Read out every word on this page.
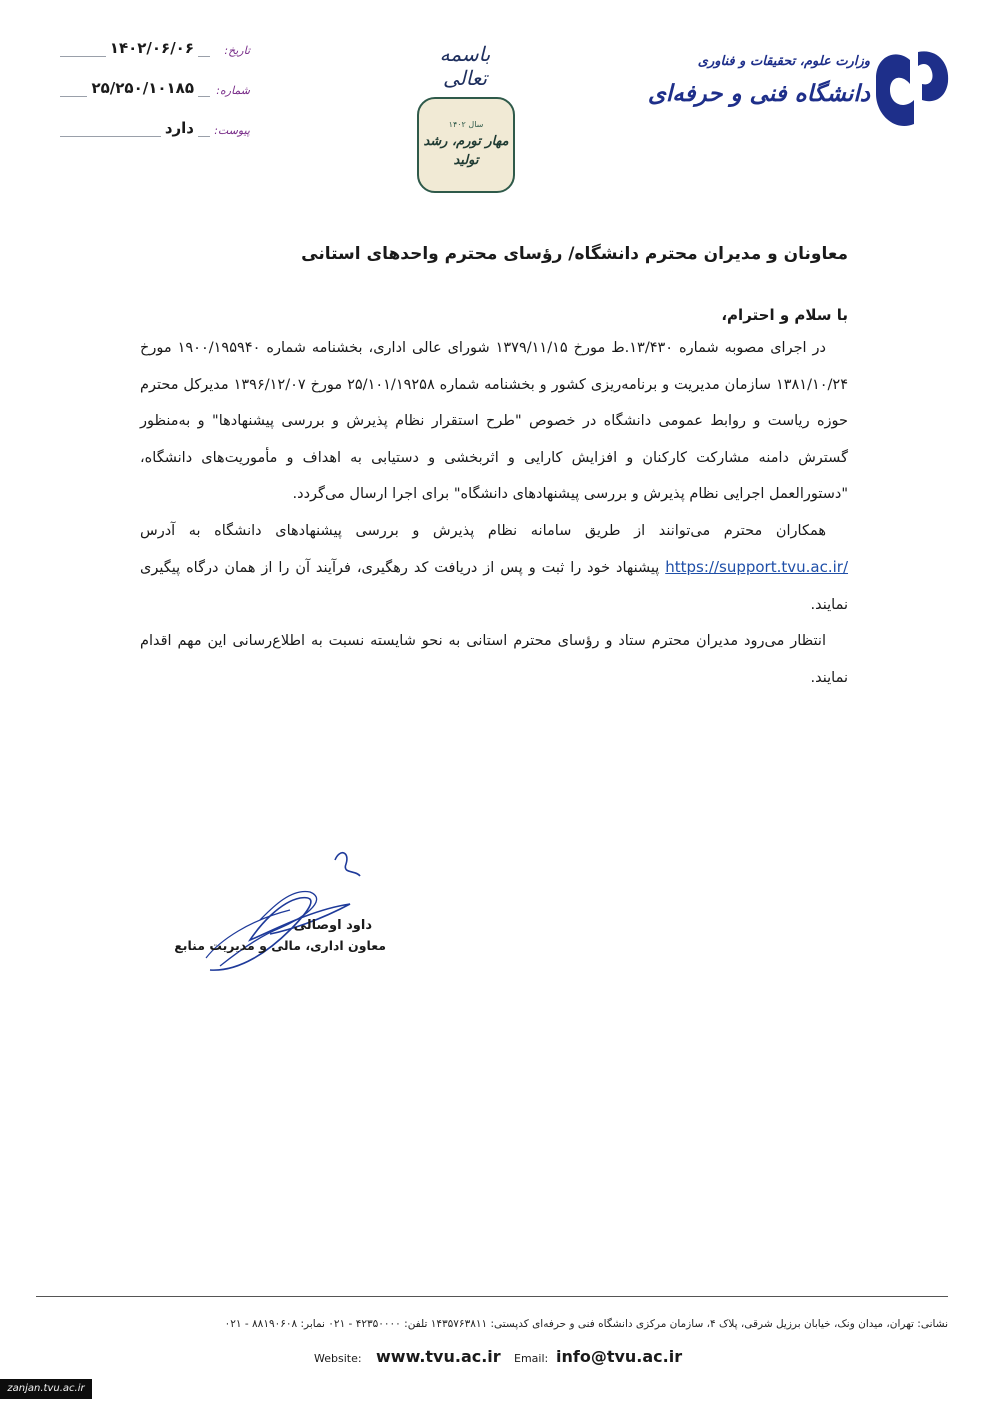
تاریخ:
۱۴۰۲/۰۶/۰۶
شماره:
۲۵/۲۵۰/۱۰۱۸۵
پیوست:
دارد
باسمه تعالی
سال ۱۴۰۲
مهار تورم، رشد تولید
وزارت علوم، تحقیقات و فناوری
دانشگاه فنی و حرفه‌ای

معاونان و مدیران محترم دانشگاه/ رؤسای محترم واحدهای استانی

با سلام و احترام،

در اجرای مصوبه شماره ۱۳/۴۳۰.ط مورخ ۱۳۷۹/۱۱/۱۵ شورای عالی اداری، بخشنامه شماره ۱۹۰۰/۱۹۵۹۴۰ مورخ ۱۳۸۱/۱۰/۲۴ سازمان مدیریت و برنامه‌ریزی کشور و بخشنامه شماره ۲۵/۱۰۱/۱۹۲۵۸ مورخ ۱۳۹۶/۱۲/۰۷ مدیرکل محترم حوزه ریاست و روابط عمومی دانشگاه در خصوص "طرح استقرار نظام پذیرش و بررسی پیشنهادها" و به‌منظور گسترش دامنه مشارکت کارکنان و افزایش کارایی و اثربخشی و دستیابی به اهداف و مأموریت‌های دانشگاه، "دستورالعمل اجرایی نظام پذیرش و بررسی پیشنهادهای دانشگاه" برای اجرا ارسال می‌گردد.

همکاران محترم می‌توانند از طریق سامانه نظام پذیرش و بررسی پیشنهادهای دانشگاه به آدرس https://support.tvu.ac.ir/ پیشنهاد خود را ثبت و پس از دریافت کد رهگیری، فرآیند آن را از همان درگاه پیگیری نمایند.

انتظار می‌رود مدیران محترم ستاد و رؤسای محترم استانی به نحو شایسته نسبت به اطلاع‌رسانی این مهم اقدام نمایند.

داود اوصالی
معاون اداری، مالی و مدیریت منابع
نشانی: تهران، میدان ونک، خیابان برزیل شرقی، پلاک ۴، سازمان مرکزی دانشگاه فنی و حرفه‌ای کدپستی: ۱۴۳۵۷۶۳۸۱۱ تلفن: ۴۲۳۵۰۰۰۰ - ۰۲۱ نمابر: ۸۸۱۹۰۶۰۸ - ۰۲۱
Website: www.tvu.ac.ir Email: info@tvu.ac.ir
zanjan.tvu.ac.ir
